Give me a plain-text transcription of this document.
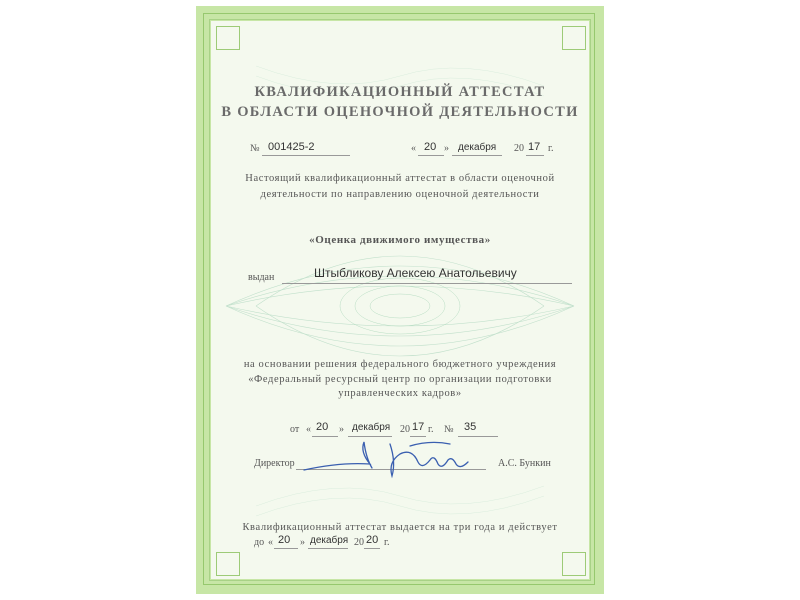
КВАЛИФИКАЦИОННЫЙ АТТЕСТАТ
В ОБЛАСТИ ОЦЕНОЧНОЙ ДЕЯТЕЛЬНОСТИ
№ 001425-2	« 20 » декабря 20 17 г.
Настоящий квалификационный аттестат в области оценочной
деятельности по направлению оценочной деятельности
«Оценка движимого имущества»
выдан	Штыбликову Алексею Анатольевичу
на основании решения федерального бюджетного учреждения
«Федеральный ресурсный центр по организации подготовки
управленческих кадров»
от « 20 » декабря 20 17 г. № 35
Директор	А.С. Бункин
Квалификационный аттестат выдается на три года и действует
до « 20 » декабря 20 20 г.
